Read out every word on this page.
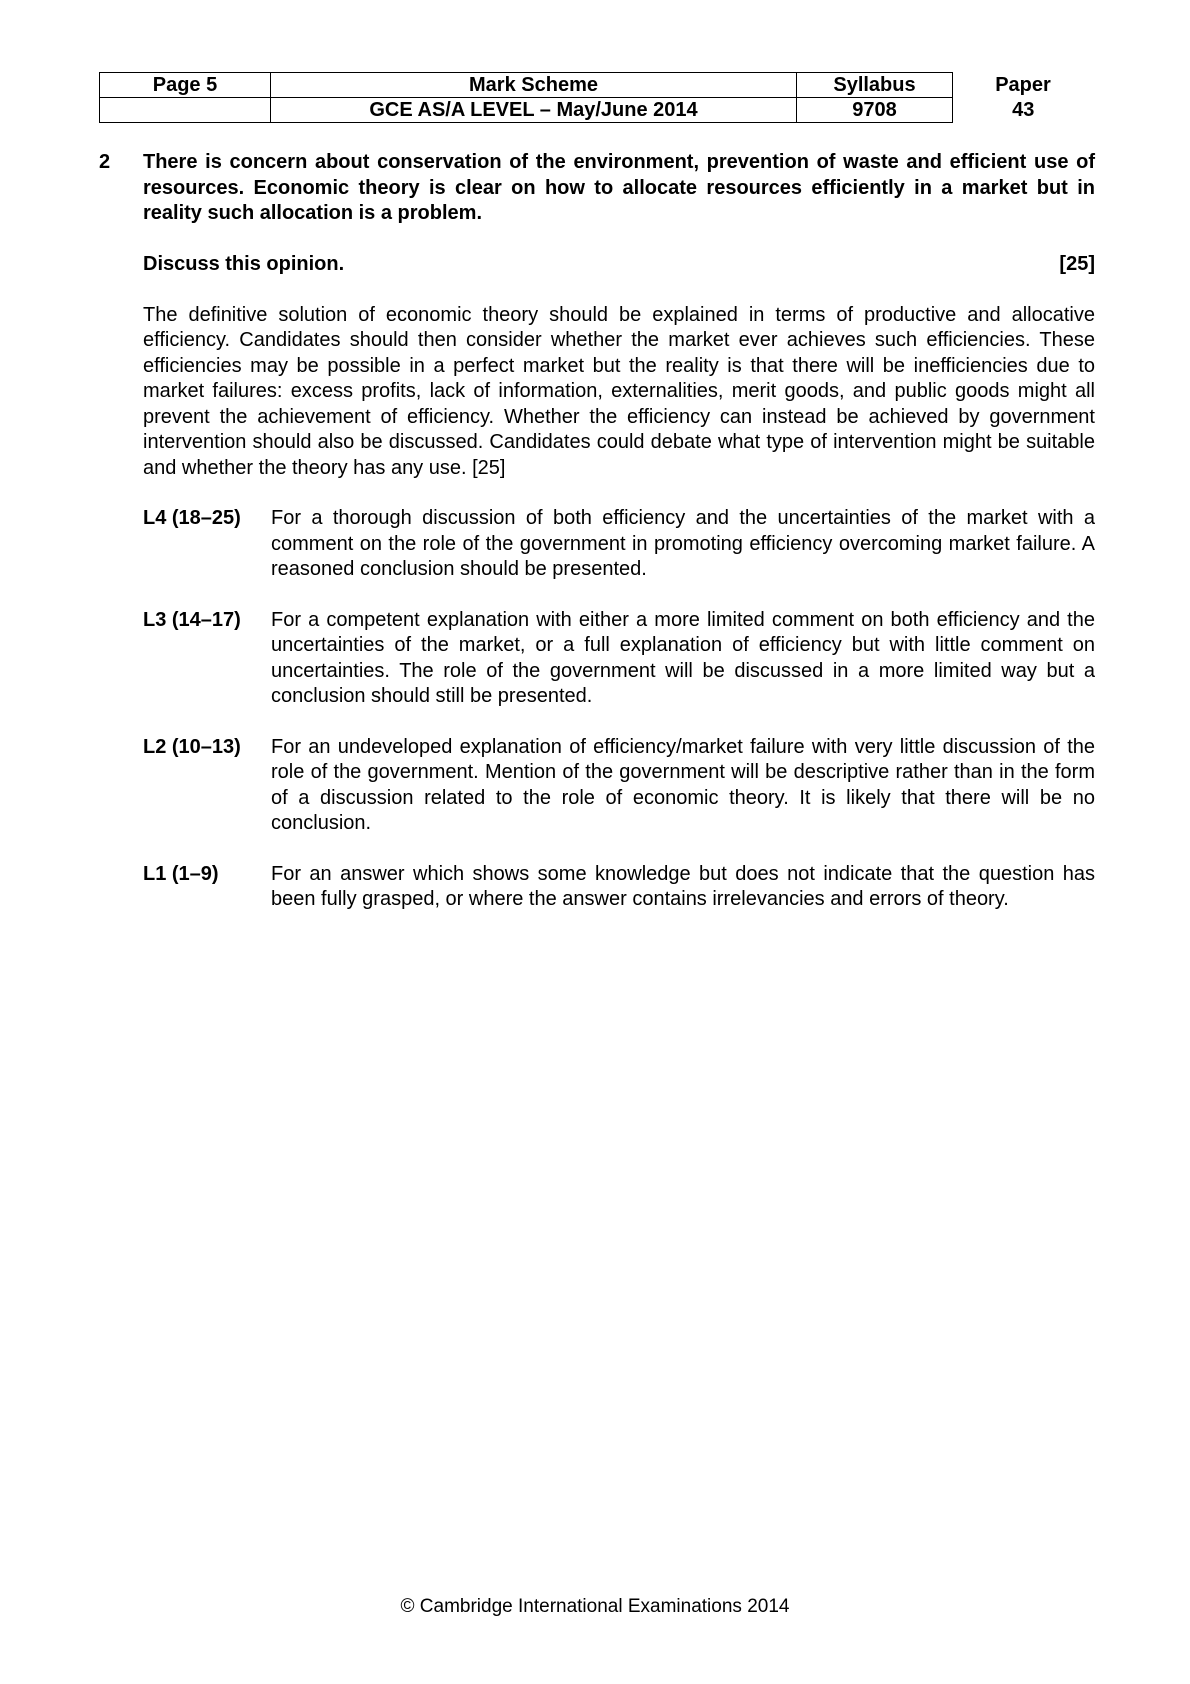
Page 5	Mark Scheme	Syllabus	Paper
	GCE AS/A LEVEL – May/June 2014	9708	43
2 There is concern about conservation of the environment, prevention of waste and efficient use of resources. Economic theory is clear on how to allocate resources efficiently in a market but in reality such allocation is a problem.

Discuss this opinion.	[25]

The definitive solution of economic theory should be explained in terms of productive and allocative efficiency. Candidates should then consider whether the market ever achieves such efficiencies. These efficiencies may be possible in a perfect market but the reality is that there will be inefficiencies due to market failures: excess profits, lack of information, externalities, merit goods, and public goods might all prevent the achievement of efficiency. Whether the efficiency can instead be achieved by government intervention should also be discussed. Candidates could debate what type of intervention might be suitable and whether the theory has any use. [25]

L4 (18–25) For a thorough discussion of both efficiency and the uncertainties of the market with a comment on the role of the government in promoting efficiency overcoming market failure. A reasoned conclusion should be presented.
L3 (14–17) For a competent explanation with either a more limited comment on both efficiency and the uncertainties of the market, or a full explanation of efficiency but with little comment on uncertainties. The role of the government will be discussed in a more limited way but a conclusion should still be presented.
L2 (10–13) For an undeveloped explanation of efficiency/market failure with very little discussion of the role of the government. Mention of the government will be descriptive rather than in the form of a discussion related to the role of economic theory. It is likely that there will be no conclusion.
L1 (1–9)	For an answer which shows some knowledge but does not indicate that the question has been fully grasped, or where the answer contains irrelevancies and errors of theory.
© Cambridge International Examinations 2014
